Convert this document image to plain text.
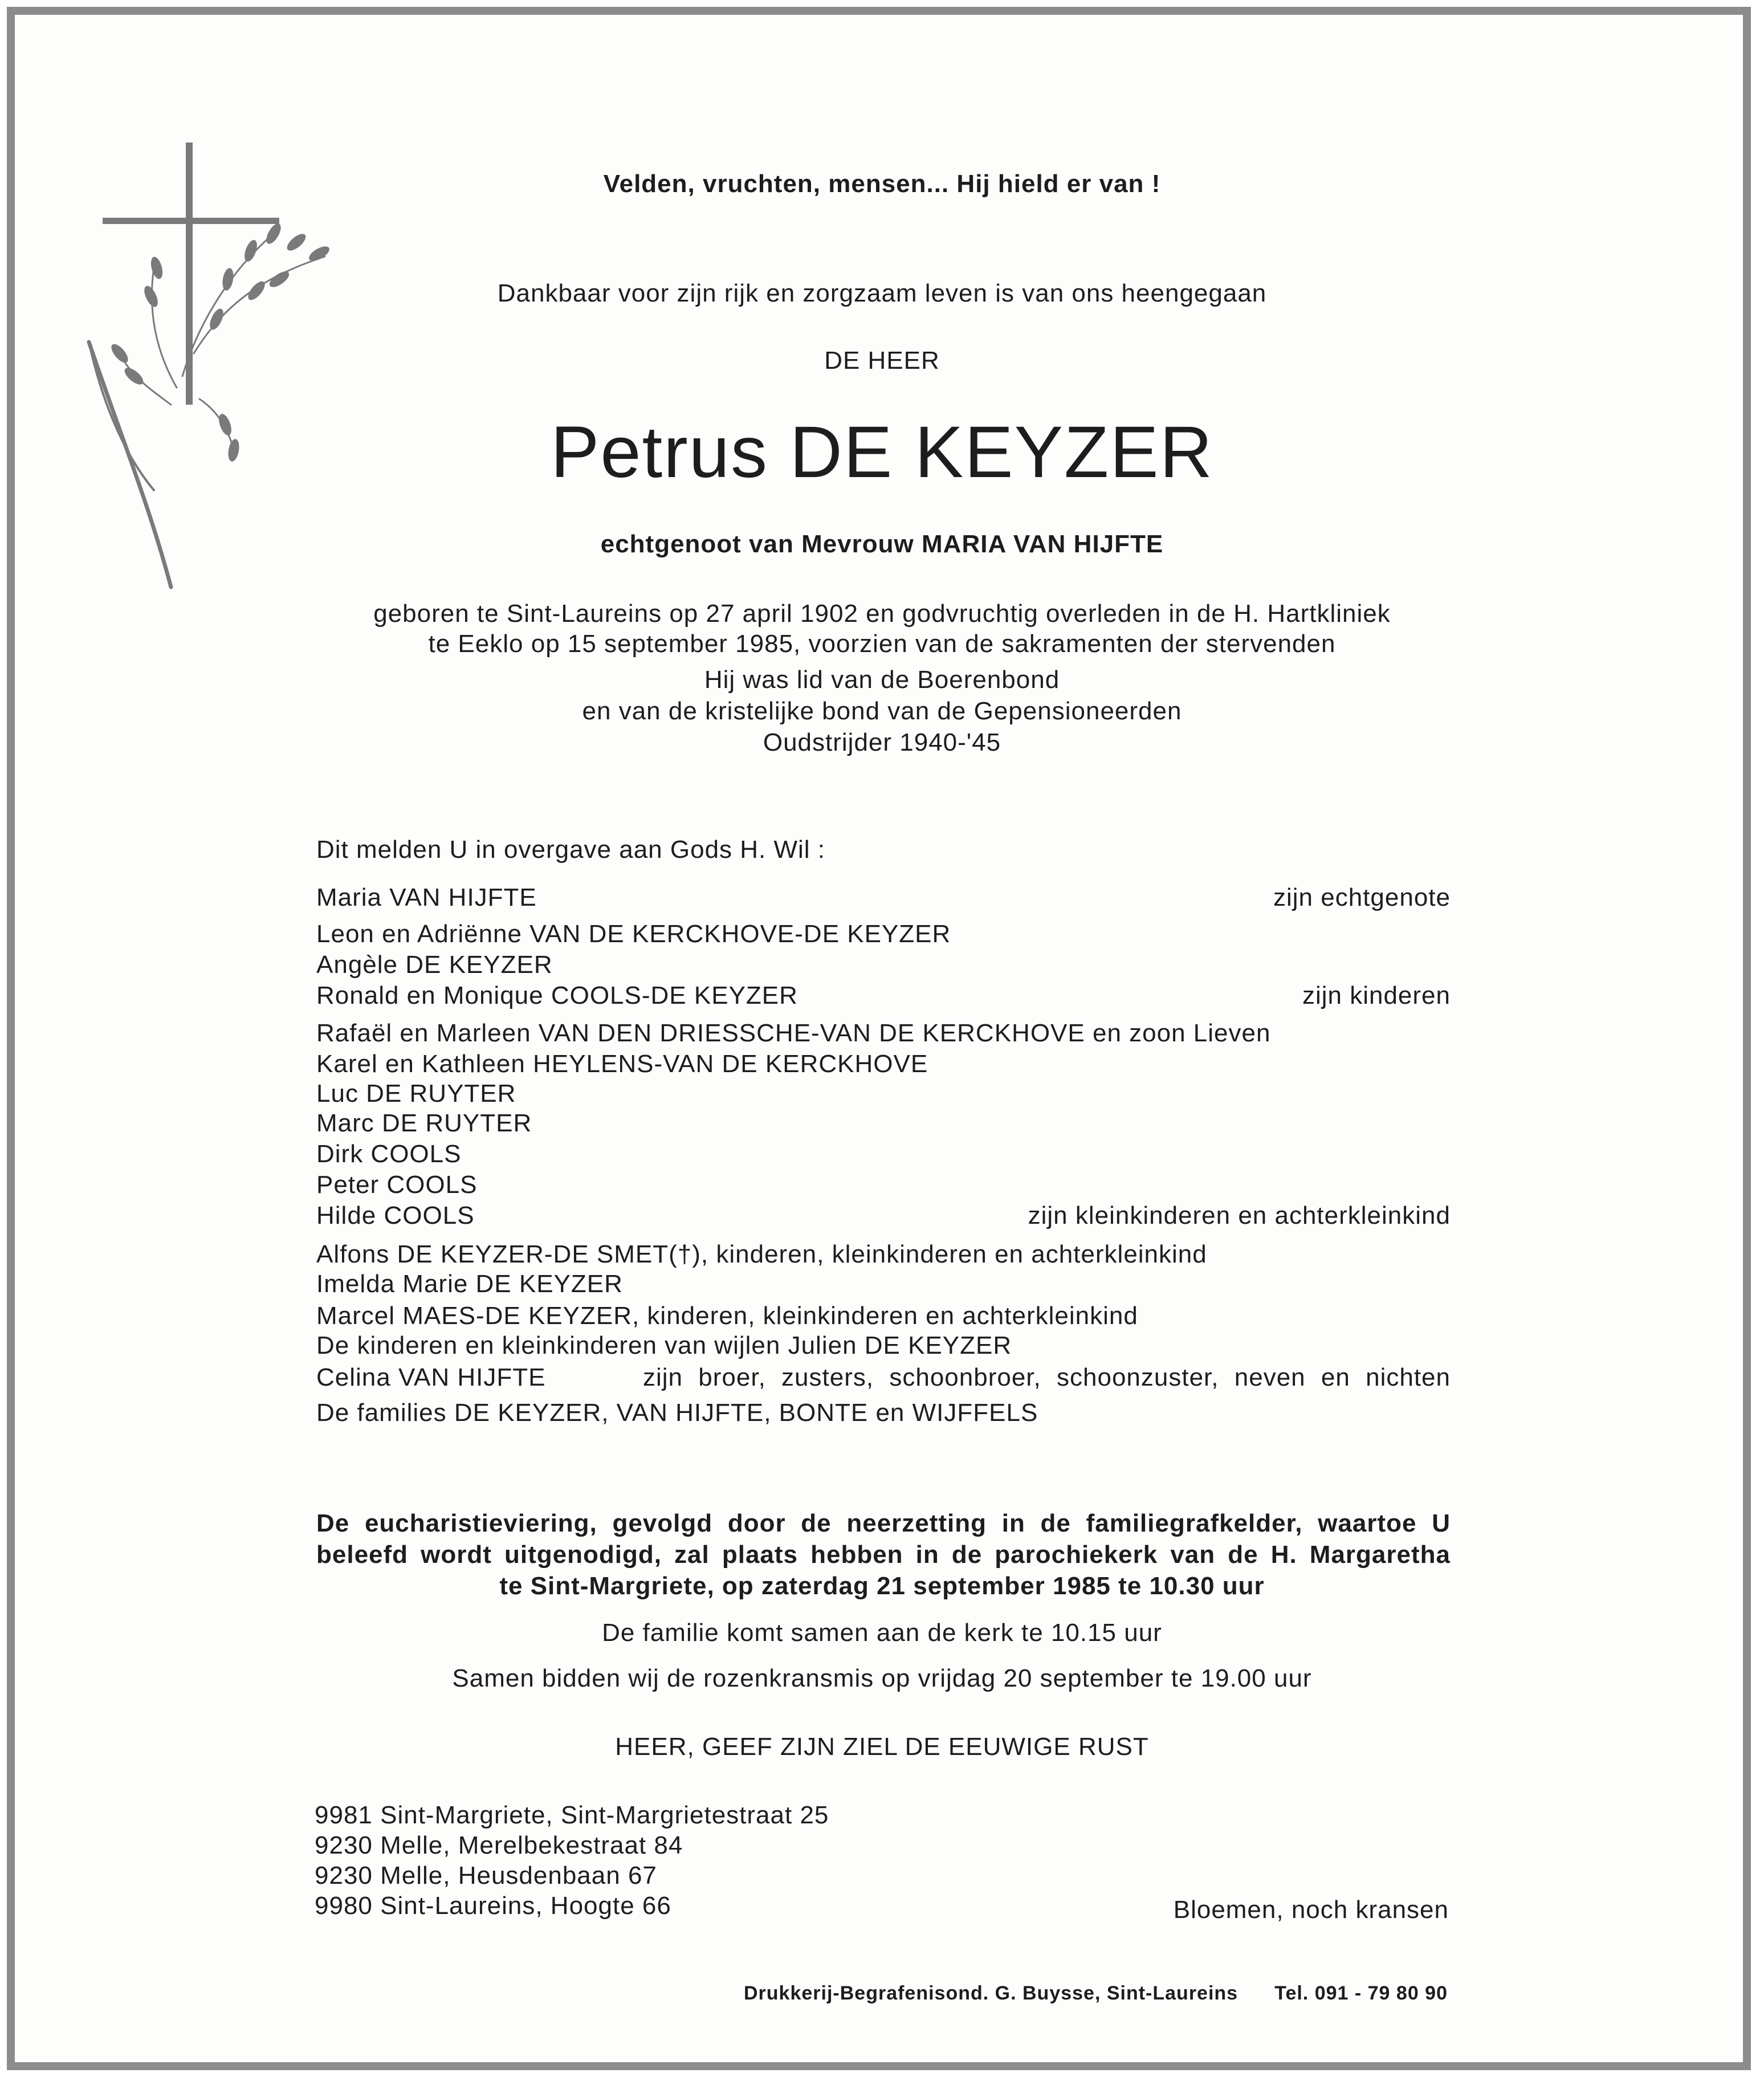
Velden, vruchten, mensen... Hij hield er van !
Dankbaar voor zijn rijk en zorgzaam leven is van ons heengegaan
DE HEER
Petrus DE KEYZER
echtgenoot van Mevrouw MARIA VAN HIJFTE
geboren te Sint-Laureins op 27 april 1902 en godvruchtig overleden in de H. Hartkliniek
te Eeklo op 15 september 1985, voorzien van de sakramenten der stervenden
Hij was lid van de Boerenbond
en van de kristelijke bond van de Gepensioneerden
Oudstrijder 1940-'45
Dit melden U in overgave aan Gods H. Wil :
Maria VAN HIJFTE	zijn echtgenote
Leon en Adriënne VAN DE KERCKHOVE-DE KEYZER
Angèle DE KEYZER
Ronald en Monique COOLS-DE KEYZER	zijn kinderen
Rafaël en Marleen VAN DEN DRIESSCHE-VAN DE KERCKHOVE en zoon Lieven
Karel en Kathleen HEYLENS-VAN DE KERCKHOVE
Luc DE RUYTER
Marc DE RUYTER
Dirk COOLS
Peter COOLS
Hilde COOLS	zijn kleinkinderen en achterkleinkind
Alfons DE KEYZER-DE SMET(†), kinderen, kleinkinderen en achterkleinkind
Imelda Marie DE KEYZER
Marcel MAES-DE KEYZER, kinderen, kleinkinderen en achterkleinkind
De kinderen en kleinkinderen van wijlen Julien DE KEYZER
Celina VAN HIJFTE	zijn broer, zusters, schoonbroer, schoonzuster, neven en nichten
De families DE KEYZER, VAN HIJFTE, BONTE en WIJFFELS
De eucharistieviering, gevolgd door de neerzetting in de familiegrafkelder, waartoe U
beleefd wordt uitgenodigd, zal plaats hebben in de parochiekerk van de H. Margaretha
te Sint-Margriete, op zaterdag 21 september 1985 te 10.30 uur
De familie komt samen aan de kerk te 10.15 uur
Samen bidden wij de rozenkransmis op vrijdag 20 september te 19.00 uur
HEER, GEEF ZIJN ZIEL DE EEUWIGE RUST
9981 Sint-Margriete, Sint-Margrietestraat 25
9230 Melle, Merelbekestraat 84
9230 Melle, Heusdenbaan 67
9980 Sint-Laureins, Hoogte 66	Bloemen, noch kransen
Drukkerij-Begrafenisond. G. Buysse, Sint-Laureins Tel. 091 - 79 80 90
